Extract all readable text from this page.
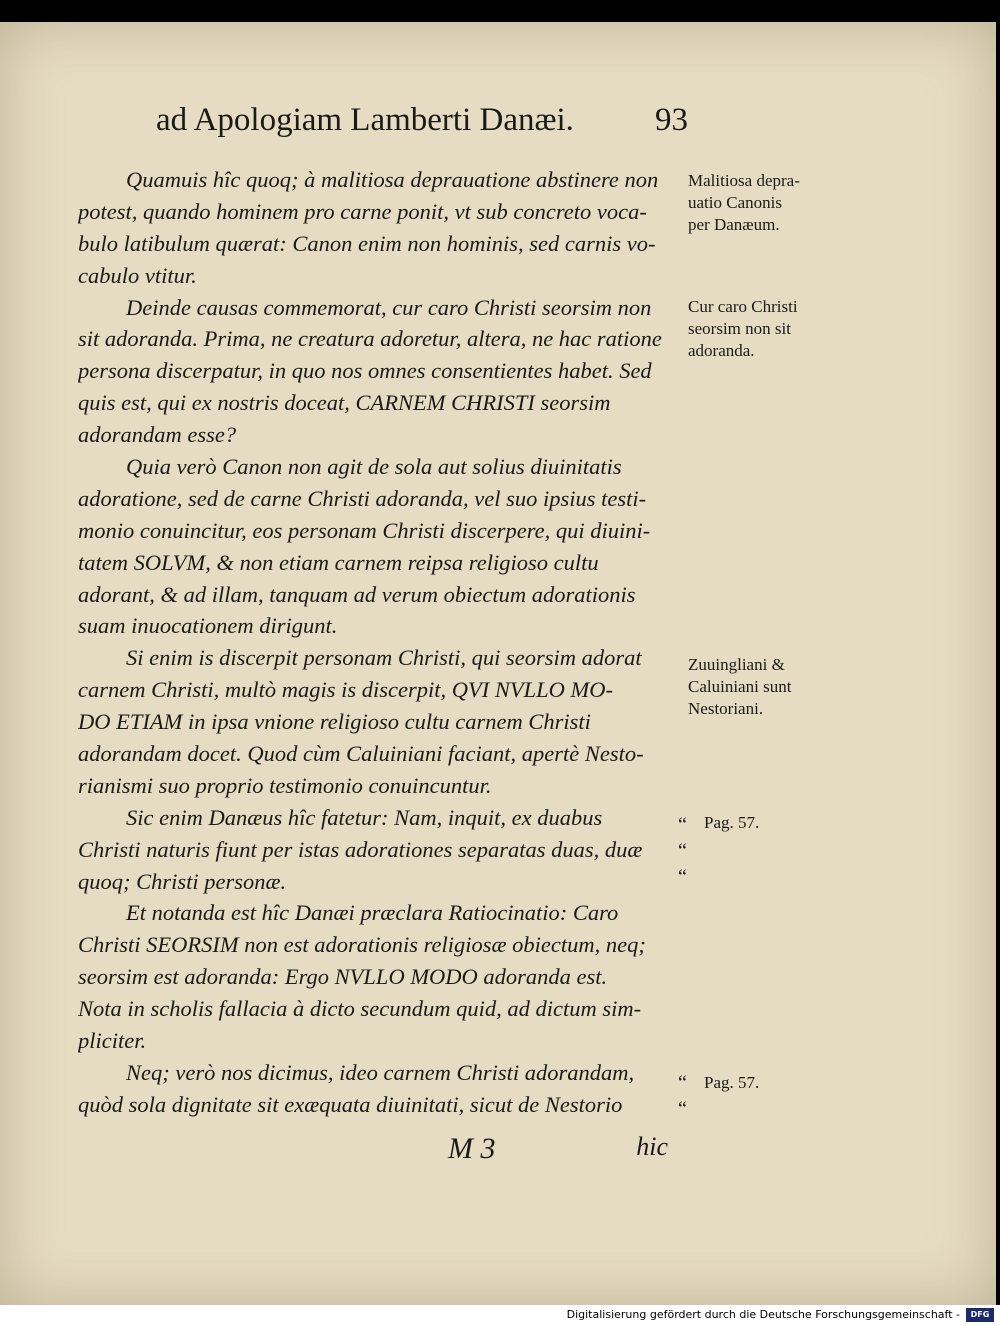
ad Apologiam Lamberti Danæi. 93
Quamuis hîc quoq; à malitiosa deprauatione abstinere non
potest, quando hominem pro carne ponit, vt sub concreto voca-
bulo latibulum quærat: Canon enim non hominis, sed carnis vo-
cabulo vtitur.
Deinde causas commemorat, cur caro Christi seorsim non
sit adoranda. Prima, ne creatura adoretur, altera, ne hac ratione
persona discerpatur, in quo nos omnes consentientes habet. Sed
quis est, qui ex nostris doceat, CARNEM CHRISTI seorsim
adorandam esse?
Quia verò Canon non agit de sola aut solius diuinitatis
adoratione, sed de carne Christi adoranda, vel suo ipsius testi-
monio conuincitur, eos personam Christi discerpere, qui diuini-
tatem SOLVM, & non etiam carnem reipsa religioso cultu
adorant, & ad illam, tanquam ad verum obiectum adorationis
suam inuocationem dirigunt.
Si enim is discerpit personam Christi, qui seorsim adorat
carnem Christi, multò magis is discerpit, QVI NVLLO MO-
DO ETIAM in ipsa vnione religioso cultu carnem Christi
adorandam docet. Quod cùm Caluiniani faciant, apertè Nesto-
rianismi suo proprio testimonio conuincuntur.
Sic enim Danæus hîc fatetur: Nam, inquit, ex duabus
Christi naturis fiunt per istas adorationes separatas duas, duæ
quoq; Christi personæ.
Et notanda est hîc Danæi præclara Ratiocinatio: Caro
Christi SEORSIM non est adorationis religiosæ obiectum, neq;
seorsim est adoranda: Ergo NVLLO MODO adoranda est.
Nota in scholis fallacia à dicto secundum quid, ad dictum sim-
pliciter.
Neq; verò nos dicimus, ideo carnem Christi adorandam,
quòd sola dignitate sit exæquata diuinitati, sicut de Nestorio
M 3	hic
Malitiosa depra-
uatio Canonis
per Danæum.
Cur caro Christi
seorsim non sit
adoranda.
Zuuingliani &
Caluiniani sunt
Nestoriani.
Pag. 57.
Pag. 57.
“
“
“
“
“
Digitalisierung gefördert durch die Deutsche Forschungsgemeinschaft -	DFG
